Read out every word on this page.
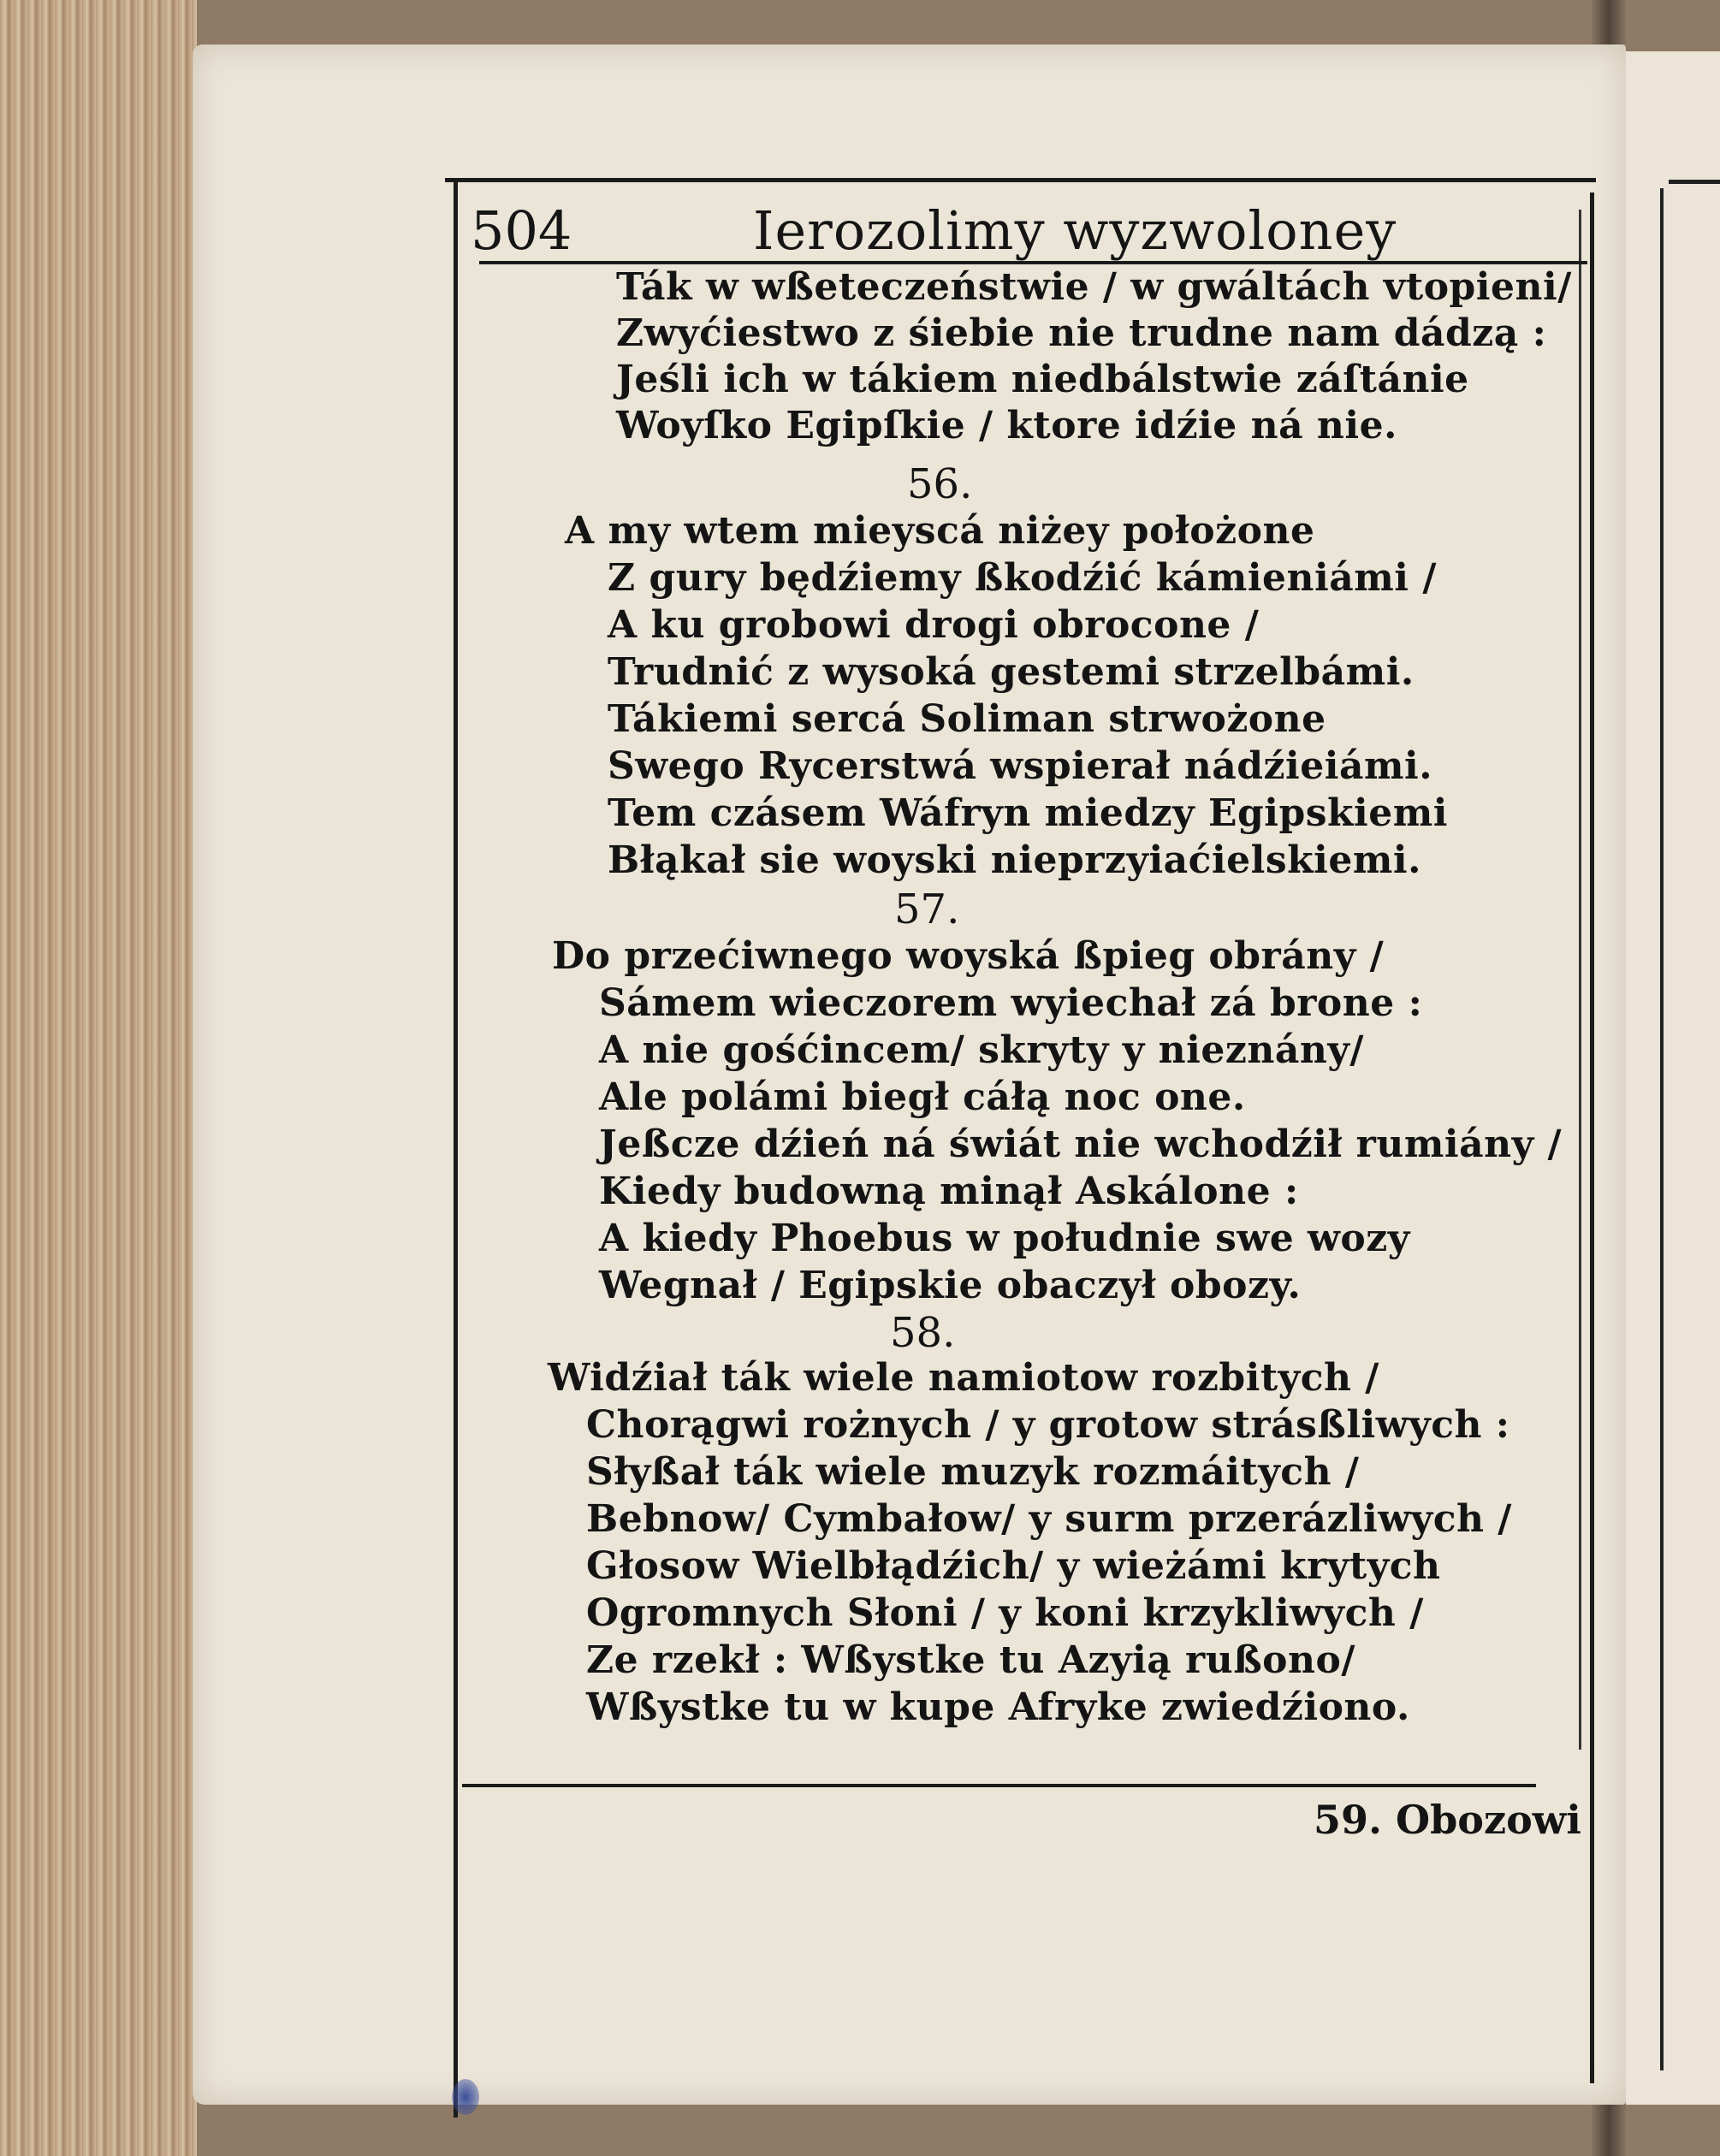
504	Ierozolimy wyzwoloney
Ták w wßeteczeństwie / w gwáltách vtopieni/
Zwyćiestwo z śiebie nie trudne nam dádzą :
Jeśli ich w tákiem niedbálstwie záſtánie
Woyſko Egipſkie / ktore idźie ná nie.
56.
A my wtem mieyscá niżey położone
Z gury będźiemy ßkodźić kámieniámi /
A ku grobowi drogi obrocone /
Trudnić z wysoká gestemi strzelbámi.
Tákiemi sercá Soliman strwożone
Swego Rycerstwá wspierał nádźieiámi.
Tem czásem Wáfryn miedzy Egipskiemi
Błąkał sie woyski nieprzyiaćielskiemi.
57.
Do przećiwnego woyská ßpieg obrány /
Sámem wieczorem wyiechał zá brone :
A nie gośćincem/ skryty y nieznány/
Ale polámi biegł cáłą noc one.
Jeßcze dźień ná świát nie wchodźił rumiány /
Kiedy budowną minął Askálone :
A kiedy Phoebus w południe swe wozy
Wegnał / Egipskie obaczył obozy.
58.
Widźiał ták wiele namiotow rozbitych /
Chorągwi rożnych / y grotow strásßliwych :
Słyßał ták wiele muzyk rozmáitych /
Bebnow/ Cymbałow/ y surm przerázliwych /
Głosow Wielbłądźich/ y wieżámi krytych
Ogromnych Słoni / y koni krzykliwych /
Ze rzekł : Wßystke tu Azyią rußono/
Wßystke tu w kupe Afryke zwiedźiono.
59. Obozowi
